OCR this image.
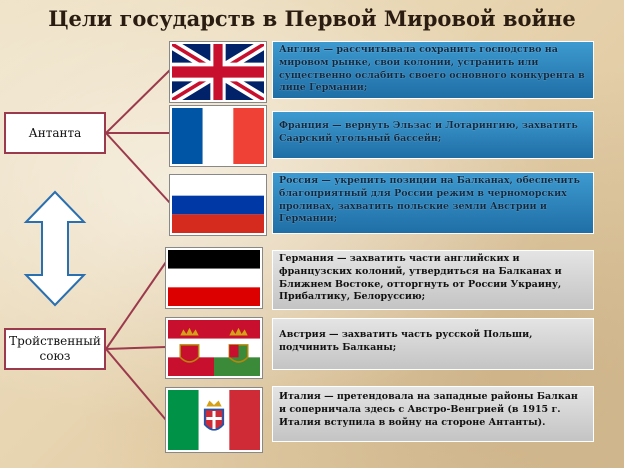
Цели государств в Первой Мировой войне
Антанта
Тройственный союз
Англия — рассчитывала сохранить господство на мировом рынке, свои колонии, устранить или существенно ослабить своего основного конкурента в лице Германии;
Франция — вернуть Эльзас и Лотарингию, захватить Саарский угольный бассейн;
Россия — укрепить позиции на Балканах, обеспечить благоприятный для России режим в черноморских проливах, захватить польские земли Австрии и Германии;
Германия — захватить части английских и французских колоний, утвердиться на Балканах и Ближнем Востоке, отторгнуть от России Украину, Прибалтику, Белоруссию;
Австрия — захватить часть русской Польши, подчинить Балканы;
Италия — претендовала на западные районы Балкан и соперничала здесь с Австро-Венгрией (в 1915 г. Италия вступила в войну на стороне Антанты).
